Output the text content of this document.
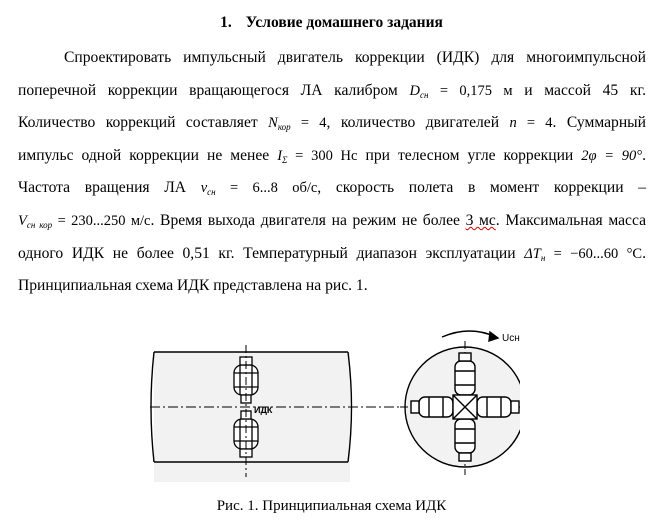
1. Условие домашнего задания
Спроектировать импульсный двигатель коррекции (ИДК) для многоимпульсной
поперечной коррекции вращающегося ЛА калибром $D_{сн} = 0,175$ м и массой 45 кг.
Количество коррекций составляет $N_{кор} = 4$, количество двигателей n = 4. Суммарный
импульс одной коррекции не менее $I_\Sigma = 300$ Нс при телесном угле коррекции 2φ = 90°.
Частота вращения ЛА $\nu_{сн} = 6...8$ об/с, скорость полета в момент коррекции –
$V_{сн кор} = 230...250$ м/с. Время выхода двигателя на режим не более 3 мс. Максимальная масса
одного ИДК не более 0,51 кг. Температурный диапазон эксплуатации $\Delta T_н = -60...60$ °C.
Принципиальная схема ИДК представлена на рис. 1.
ИДК
Uсн
Рис. 1. Принципиальная схема ИДК
